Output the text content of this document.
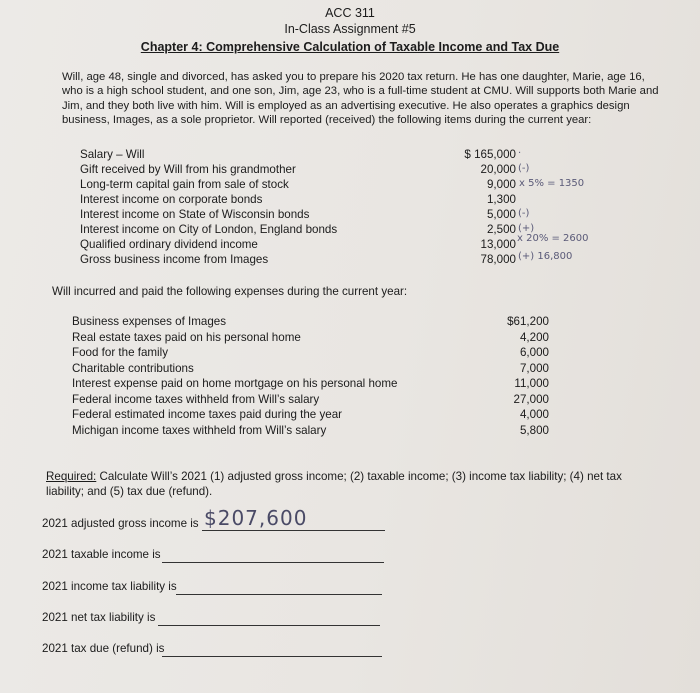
ACC 311
In-Class Assignment #5
Chapter 4: Comprehensive Calculation of Taxable Income and Tax Due
Will, age 48, single and divorced, has asked you to prepare his 2020 tax return. He has one daughter, Marie, age 16, who is a high school student, and one son, Jim, age 23, who is a full-time student at CMU. Will supports both Marie and Jim, and they both live with him. Will is employed as an advertising executive. He also operates a graphics design business, Images, as a sole proprietor. Will reported (received) the following items during the current year:
Salary – Will
Gift received by Will from his grandmother
Long-term capital gain from sale of stock
Interest income on corporate bonds
Interest income on State of Wisconsin bonds
Interest income on City of London, England bonds
Qualified ordinary dividend income
Gross business income from Images
$ 165,000
20,000
9,000
1,300
5,000
2,500
13,000
78,000
·
(-)
x 5% = 1350
(-)
(+)
x 20% = 2600
(+) 16,800
Will incurred and paid the following expenses during the current year:
Business expenses of Images
Real estate taxes paid on his personal home
Food for the family
Charitable contributions
Interest expense paid on home mortgage on his personal home
Federal income taxes withheld from Will’s salary
Federal estimated income taxes paid during the year
Michigan income taxes withheld from Will’s salary
$61,200
4,200
6,000
7,000
11,000
27,000
4,000
5,800
Required: Calculate Will’s 2021 (1) adjusted gross income; (2) taxable income; (3) income tax liability; (4) net tax liability; and (5) tax due (refund).
2021 adjusted gross income is $207,600
2021 taxable income is
2021 income tax liability is
2021 net tax liability is
2021 tax due (refund) is
